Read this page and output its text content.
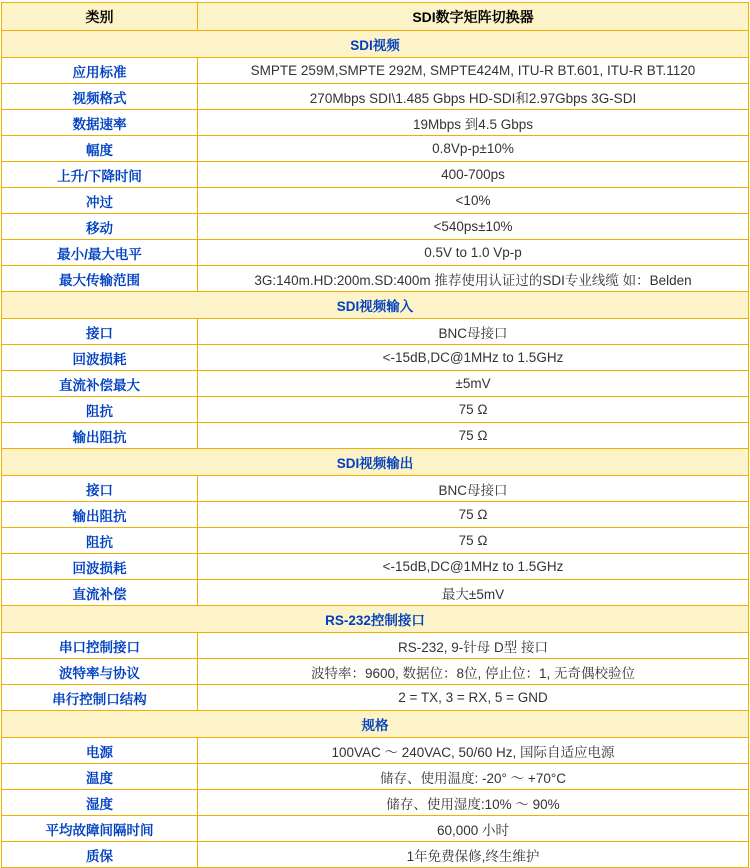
类别	SDI数字矩阵切换器
SDI视频	
应用标准	SMPTE 259M,SMPTE 292M, SMPTE424M, ITU-R BT.601, ITU-R BT.1120
视频格式	270Mbps SDI\1.485 Gbps HD-SDI和2.97Gbps 3G-SDI
数据速率	19Mbps 到4.5 Gbps
幅度	0.8Vp-p±10%
上升/下降时间	400-700ps
冲过	<10%
移动	<540ps±10%
最小/最大电平	0.5V to 1.0 Vp-p
最大传输范围	3G:140m.HD:200m.SD:400m 推荐使用认证过的SDI专业线缆 如：Belden
SDI视频输入	
接口	BNC母接口
回波损耗	<-15dB,DC@1MHz to 1.5GHz
直流补偿最大	±5mV
阻抗	75 Ω
输出阻抗	75 Ω
SDI视频输出	
接口	BNC母接口
输出阻抗	75 Ω
阻抗	75 Ω
回波损耗	<-15dB,DC@1MHz to 1.5GHz
直流补偿	最大±5mV
RS-232控制接口	
串口控制接口	RS-232, 9-针母 D型 接口
波特率与协议	波特率：9600, 数据位：8位, 停止位：1, 无奇偶校验位
串行控制口结构	2 = TX, 3 = RX, 5 = GND
规格	
电源	100VAC ～ 240VAC, 50/60 Hz, 国际自适应电源
温度	储存、使用温度: -20° ～ +70°C
湿度	储存、使用湿度:10% ～ 90%
平均故障间隔时间	60,000 小时
质保	1年免费保修,终生维护
